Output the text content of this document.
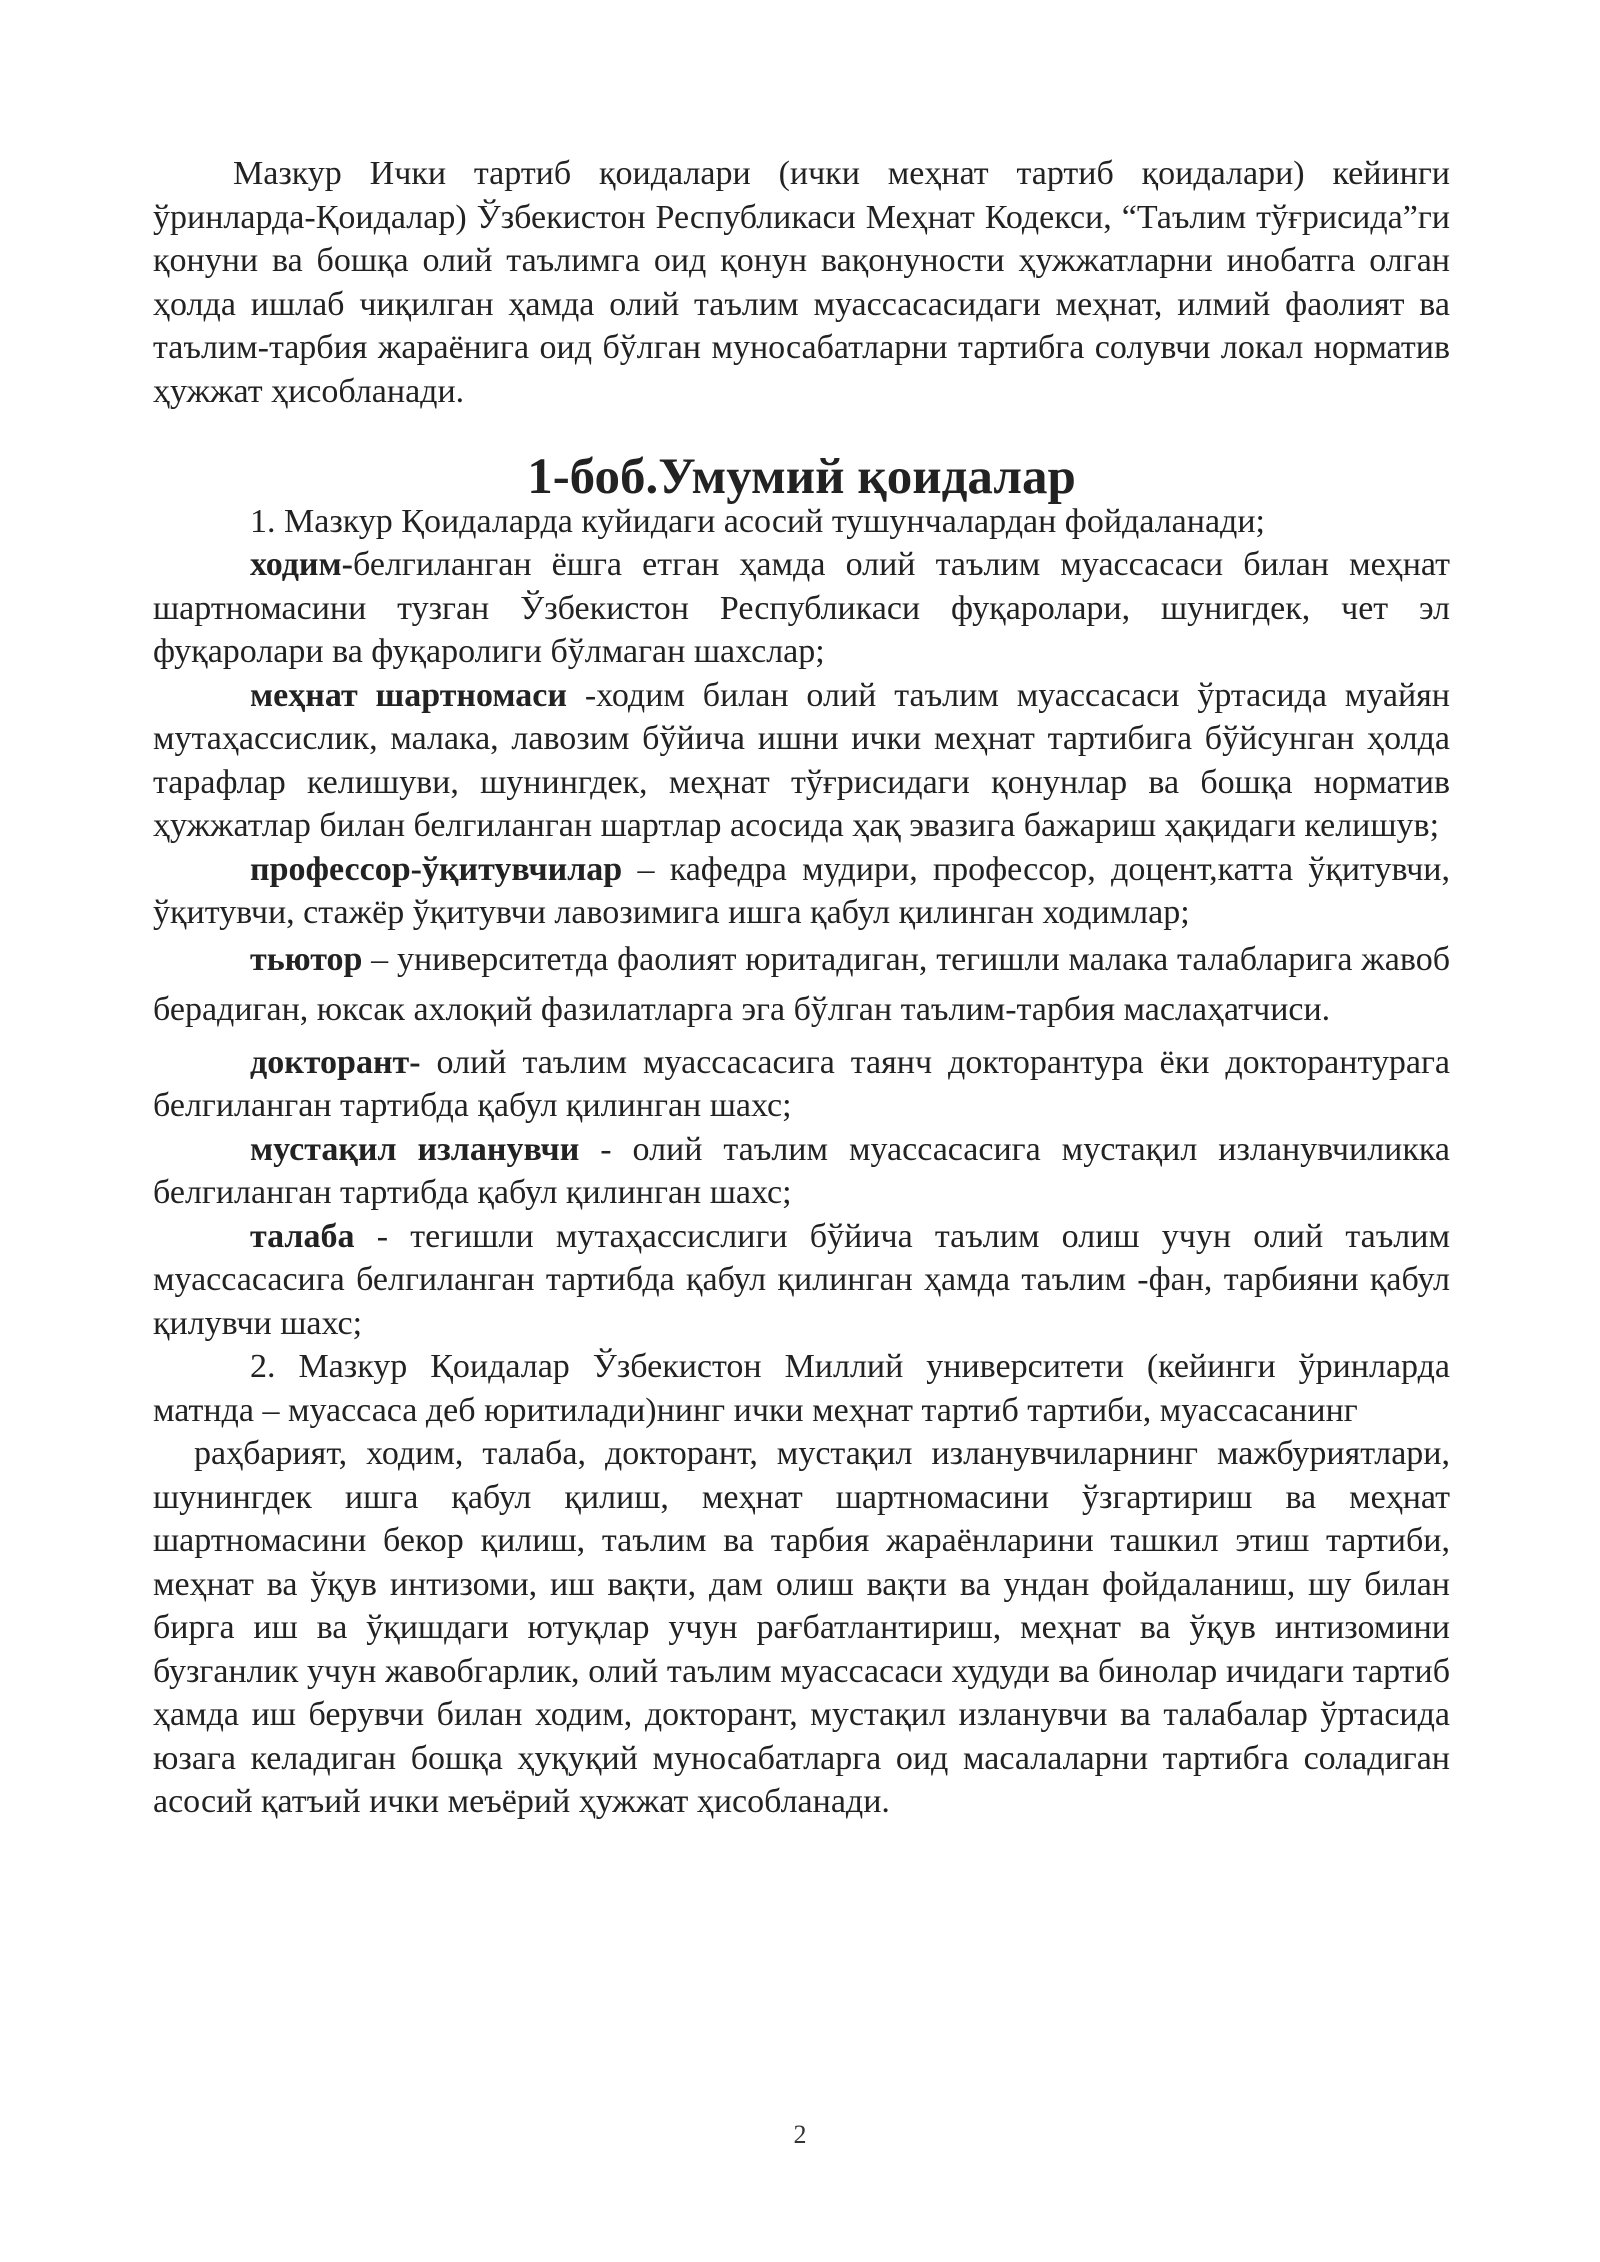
Мазкур Ички тартиб қоидалари (ички меҳнат тартиб қоидалари) кейинги ўринларда-Қоидалар) Ўзбекистон Республикаси Меҳнат Кодекси, “Таълим тўғрисида”ги қонуни ва бошқа олий таълимга оид қонун вақонуности ҳужжатларни инобатга олган ҳолда ишлаб чиқилган ҳамда олий таълим муассасасидаги меҳнат, илмий фаолият ва таълим-тарбия жараёнига оид бўлган муносабатларни тартибга солувчи локал норматив ҳужжат ҳисобланади.

1-боб.Умумий қоидалар

1. Мазкур Қоидаларда куйидаги асосий тушунчалардан фойдаланади;

ходим-белгиланган ёшга етган ҳамда олий таълим муассасаси билан меҳнат шартномасини тузган Ўзбекистон Республикаси фуқаролари, шунигдек, чет эл фуқаролари ва фуқаролиги бўлмаган шахслар;

меҳнат шартномаси -ходим билан олий таълим муассасаси ўртасида муайян мутаҳассислик, малака, лавозим бўйича ишни ички меҳнат тартибига бўйсунган ҳолда тарафлар келишуви, шунингдек, меҳнат тўғрисидаги қонунлар ва бошқа норматив ҳужжатлар билан белгиланган шартлар асосида ҳақ эвазига бажариш ҳақидаги келишув;

профессор-ўқитувчилар – кафедра мудири, профессор, доцент,катта ўқитувчи, ўқитувчи, стажёр ўқитувчи лавозимига ишга қабул қилинган ходимлар;

тьютор – университетда фаолият юритадиган, тегишли малака талабларига жавоб берадиган, юксак ахлоқий фазилатларга эга бўлган таълим-тарбия маслаҳатчиси.

докторант- олий таълим муассасасига таянч докторантура ёки докторантурага белгиланган тартибда қабул қилинган шахс;

мустақил изланувчи - олий таълим муассасасига мустақил изланувчиликка белгиланган тартибда қабул қилинган шахс;

талаба - тегишли мутаҳассислиги бўйича таълим олиш учун олий таълим муассасасига белгиланган тартибда қабул қилинган ҳамда таълим -фан, тарбияни қабул қилувчи шахс;

2. Мазкур Қоидалар Ўзбекистон Миллий университети (кейинги ўринларда матнда – муассаса деб юритилади)нинг ички меҳнат тартиб тартиби, муассасанинг

раҳбарият, ходим, талаба, докторант, мустақил изланувчиларнинг мажбуриятлари, шунингдек ишга қабул қилиш, меҳнат шартномасини ўзгартириш ва меҳнат шартномасини бекор қилиш, таълим ва тарбия жараёнларини ташкил этиш тартиби, меҳнат ва ўқув интизоми, иш вақти, дам олиш вақти ва ундан фойдаланиш, шу билан бирга иш ва ўқишдаги ютуқлар учун рағбатлантириш, меҳнат ва ўқув интизомини бузганлик учун жавобгарлик, олий таълим муассасаси худуди ва бинолар ичидаги тартиб ҳамда иш берувчи билан ходим, докторант, мустақил изланувчи ва талабалар ўртасида юзага келадиган бошқа ҳуқуқий муносабатларга оид масалаларни тартибга соладиган асосий қатъий ички меъёрий ҳужжат ҳисобланади.

2
